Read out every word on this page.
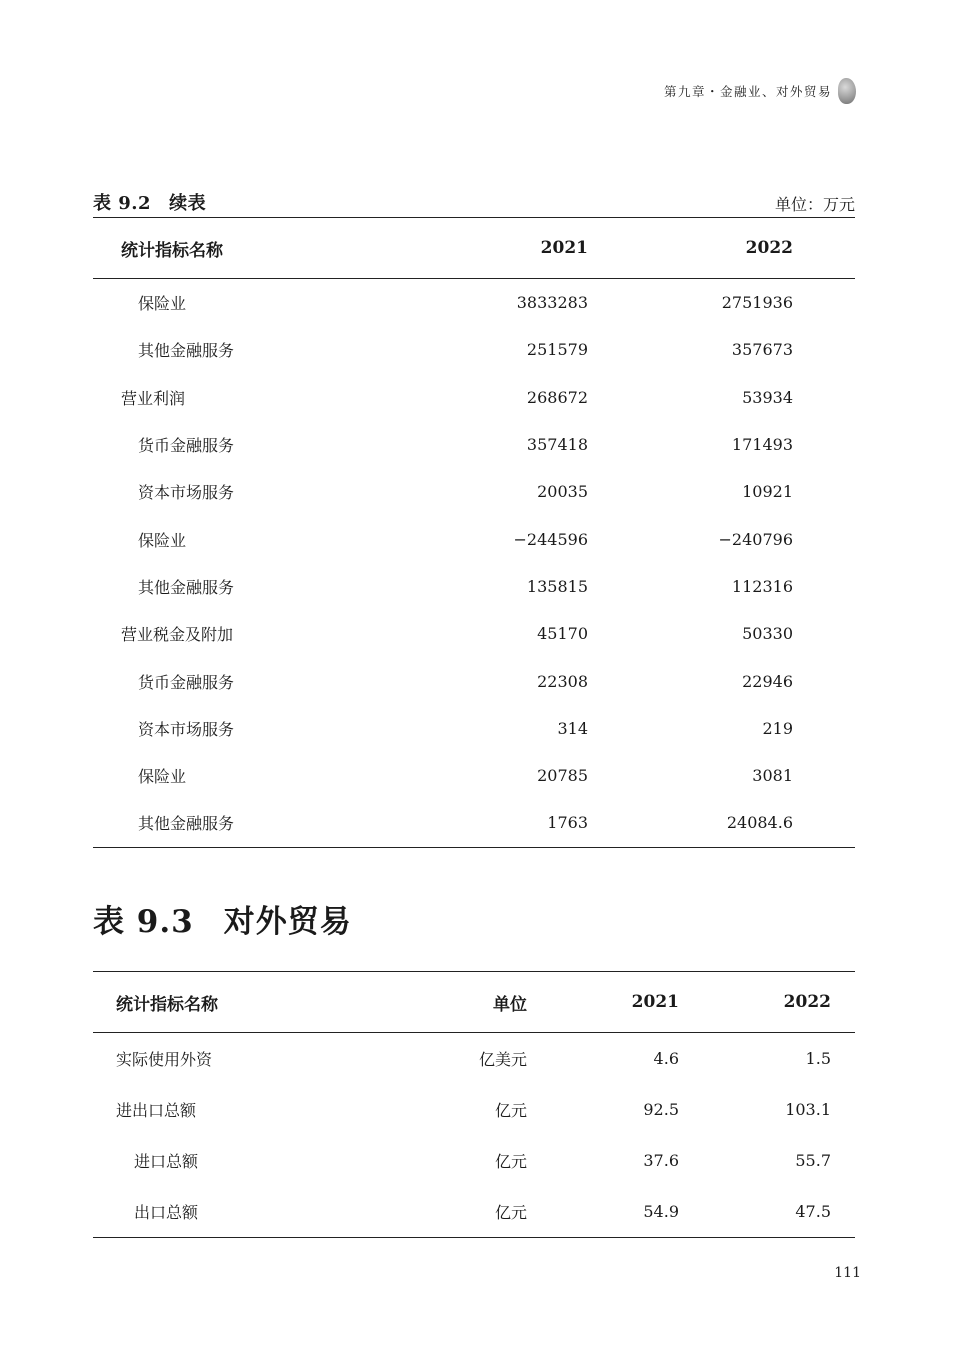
第九章・金融业、对外贸易
表 9.2 续表	单位：万元
统计指标名称	2021	2022	
保险业	3833283	2751936	
其他金融服务	251579	357673	
营业利润	268672	53934	
货币金融服务	357418	171493	
资本市场服务	20035	10921	
保险业	−244596	−240796	
其他金融服务	135815	112316	
营业税金及附加	45170	50330	
货币金融服务	22308	22946	
资本市场服务	314	219	
保险业	20785	3081	
其他金融服务	1763	24084.6	
表 9.3 对外贸易
统计指标名称	单位	2021	2022	
实际使用外资	亿美元	4.6	1.5	
进出口总额	亿元	92.5	103.1	
进口总额	亿元	37.6	55.7	
出口总额	亿元	54.9	47.5	
111
